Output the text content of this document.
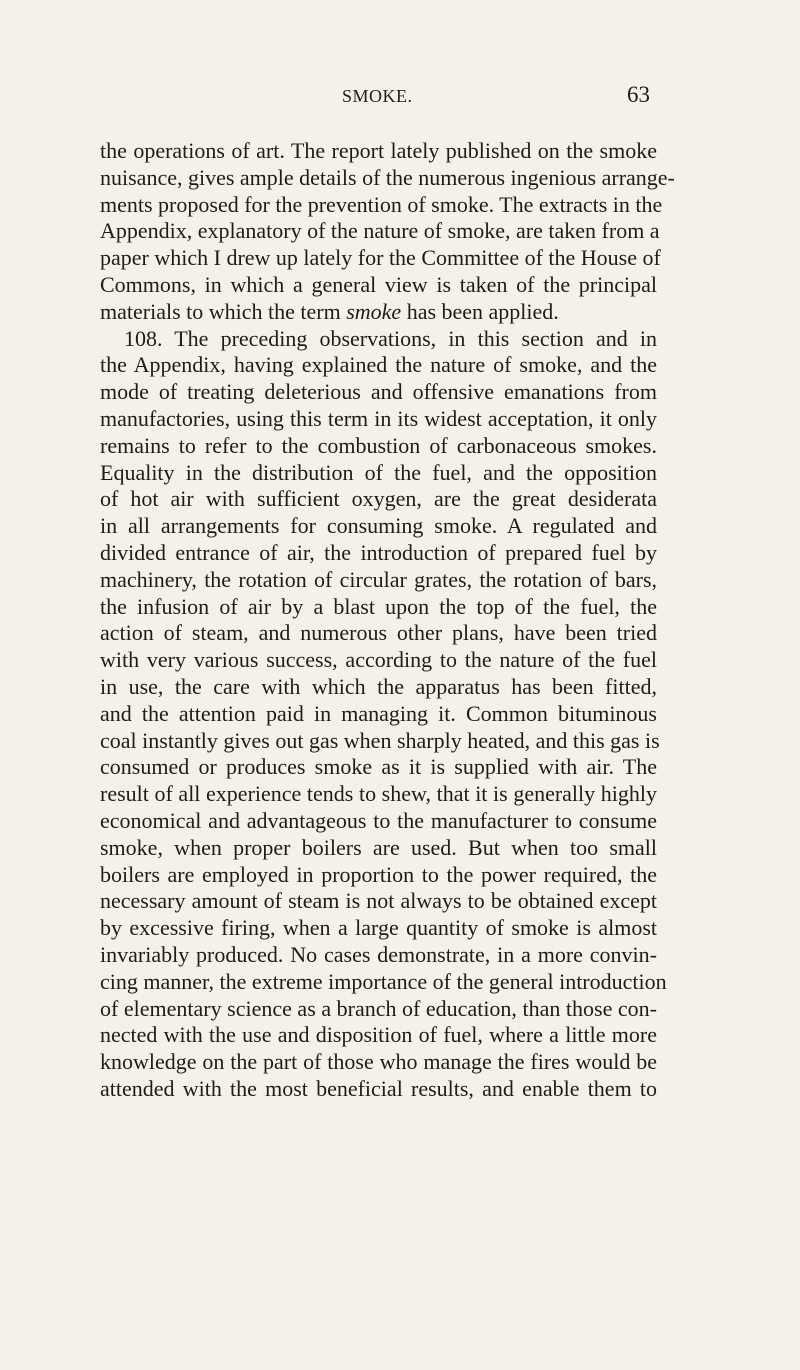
SMOKE.	63
the operations of art. The report lately published on the smoke
nuisance, gives ample details of the numerous ingenious arrange-
ments proposed for the prevention of smoke. The extracts in the
Appendix, explanatory of the nature of smoke, are taken from a
paper which I drew up lately for the Committee of the House of
Commons, in which a general view is taken of the principal
materials to which the term smoke has been applied.
108. The preceding observations, in this section and in
the Appendix, having explained the nature of smoke, and the
mode of treating deleterious and offensive emanations from
manufactories, using this term in its widest acceptation, it only
remains to refer to the combustion of carbonaceous smokes.
Equality in the distribution of the fuel, and the opposition
of hot air with sufficient oxygen, are the great desiderata
in all arrangements for consuming smoke. A regulated and
divided entrance of air, the introduction of prepared fuel by
machinery, the rotation of circular grates, the rotation of bars,
the infusion of air by a blast upon the top of the fuel, the
action of steam, and numerous other plans, have been tried
with very various success, according to the nature of the fuel
in use, the care with which the apparatus has been fitted,
and the attention paid in managing it. Common bituminous
coal instantly gives out gas when sharply heated, and this gas is
consumed or produces smoke as it is supplied with air. The
result of all experience tends to shew, that it is generally highly
economical and advantageous to the manufacturer to consume
smoke, when proper boilers are used. But when too small
boilers are employed in proportion to the power required, the
necessary amount of steam is not always to be obtained except
by excessive firing, when a large quantity of smoke is almost
invariably produced. No cases demonstrate, in a more convin-
cing manner, the extreme importance of the general introduction
of elementary science as a branch of education, than those con-
nected with the use and disposition of fuel, where a little more
knowledge on the part of those who manage the fires would be
attended with the most beneficial results, and enable them to
